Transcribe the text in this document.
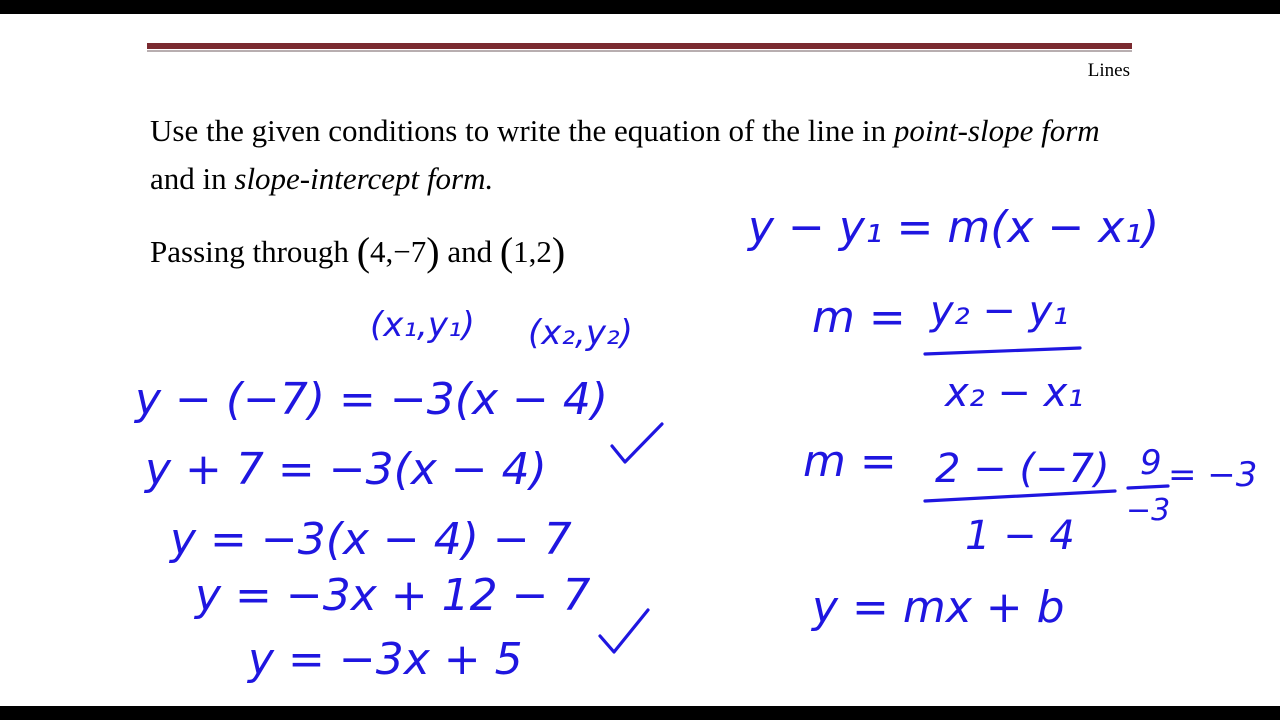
Lines
Use the given conditions to write the equation of the line in point-slope form and in slope-intercept form.
Passing through (4,−7) and (1,2)
(x₁,y₁) (x₂,y₂)
y − (−7) = −3(x − 4)
y + 7 = −3(x − 4)
y = −3(x − 4) − 7
y = −3x + 12 − 7
y = −3x + 5
y − y₁ = m(x − x₁)
m = y₂ − y₁
x₂ − x₁
m = 2 − (−7)
1 − 4
9
−3
= −3
y = mx + b
